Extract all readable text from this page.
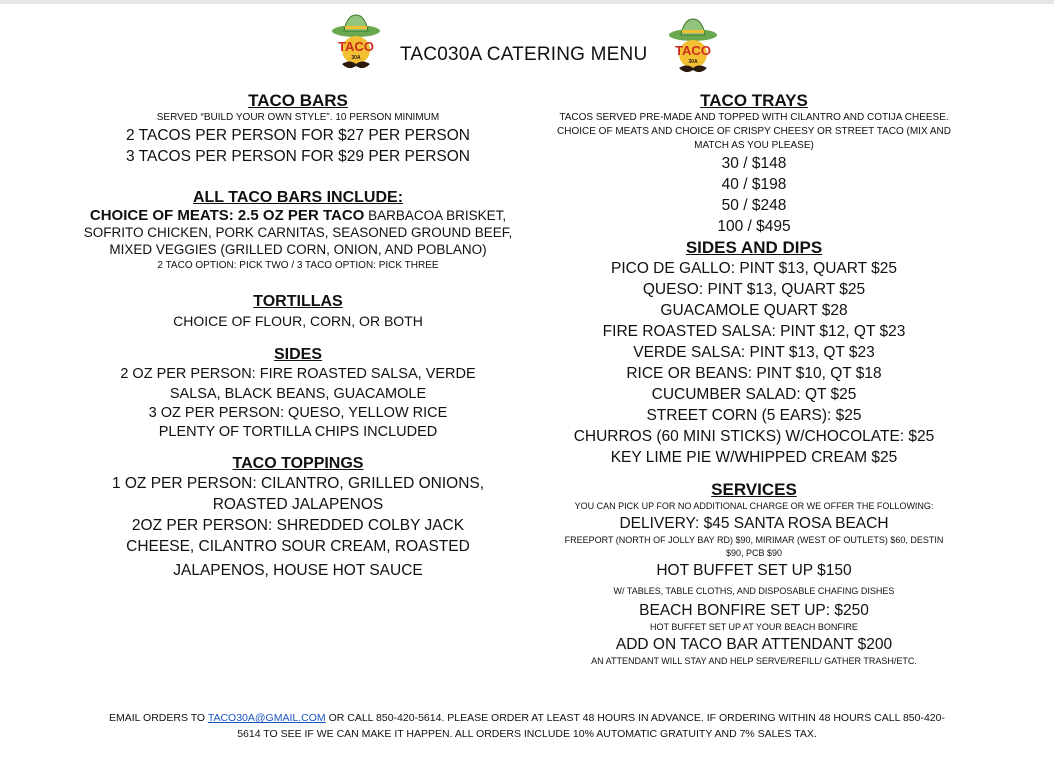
TACO
30A TAC030A CATERING MENU TACO
30A
TACO BARS
SERVED “BUILD YOUR OWN STYLE”. 10 PERSON MINIMUM
2 TACOS PER PERSON FOR $27 PER PERSON
3 TACOS PER PERSON FOR $29 PER PERSON
ALL TACO BARS INCLUDE:
CHOICE OF MEATS: 2.5 OZ PER TACO BARBACOA BRISKET, SOFRITO CHICKEN, PORK CARNITAS, SEASONED GROUND BEEF, MIXED VEGGIES (GRILLED CORN, ONION, AND POBLANO)
2 TACO OPTION: PICK TWO / 3 TACO OPTION: PICK THREE
TORTILLAS
CHOICE OF FLOUR, CORN, OR BOTH
SIDES
2 OZ PER PERSON: FIRE ROASTED SALSA, VERDE SALSA, BLACK BEANS, GUACAMOLE
3 OZ PER PERSON: QUESO, YELLOW RICE
PLENTY OF TORTILLA CHIPS INCLUDED
TACO TOPPINGS
1 OZ PER PERSON: CILANTRO, GRILLED ONIONS, ROASTED JALAPENOS
2OZ PER PERSON: SHREDDED COLBY JACK CHEESE, CILANTRO SOUR CREAM, ROASTED
JALAPENOS, HOUSE HOT SAUCE
TACO TRAYS
TACOS SERVED PRE-MADE AND TOPPED WITH CILANTRO AND COTIJA CHEESE. CHOICE OF MEATS AND CHOICE OF CRISPY CHEESY OR STREET TACO (MIX AND MATCH AS YOU PLEASE)
30 / $148
40 / $198
50 / $248
100 / $495
SIDES AND DIPS
PICO DE GALLO: PINT $13, QUART $25
QUESO: PINT $13, QUART $25
GUACAMOLE QUART $28
FIRE ROASTED SALSA: PINT $12, QT $23
VERDE SALSA: PINT $13, QT $23
RICE OR BEANS: PINT $10, QT $18
CUCUMBER SALAD: QT $25
STREET CORN (5 EARS): $25
CHURROS (60 MINI STICKS) W/CHOCOLATE: $25
KEY LIME PIE W/WHIPPED CREAM $25
SERVICES
YOU CAN PICK UP FOR NO ADDITIONAL CHARGE OR WE OFFER THE FOLLOWING:
DELIVERY: $45 SANTA ROSA BEACH
FREEPORT (NORTH OF JOLLY BAY RD) $90, MIRIMAR (WEST OF OUTLETS) $60, DESTIN $90, PCB $90
HOT BUFFET SET UP $150
W/ TABLES, TABLE CLOTHS, AND DISPOSABLE CHAFING DISHES
BEACH BONFIRE SET UP: $250
HOT BUFFET SET UP AT YOUR BEACH BONFIRE
ADD ON TACO BAR ATTENDANT $200
AN ATTENDANT WILL STAY AND HELP SERVE/REFILL/ GATHER TRASH/ETC.
EMAIL ORDERS TO TACO30A@GMAIL.COM OR CALL 850-420-5614. PLEASE ORDER AT LEAST 48 HOURS IN ADVANCE. IF ORDERING WITHIN 48 HOURS CALL 850-420-5614 TO SEE IF WE CAN MAKE IT HAPPEN. ALL ORDERS INCLUDE 10% AUTOMATIC GRATUITY AND 7% SALES TAX.
